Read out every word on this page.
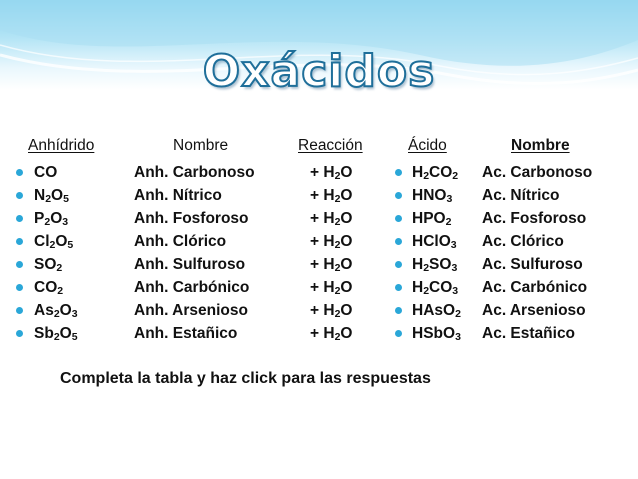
Oxácidos
Anhídrido	Nombre	Reacción	Ácido	Nombre
CO	Anh. Carbonoso	+ $H_2O$	$H_2CO_2$ Ac. Carbonoso
$N_2O_5$	Anh. Nítrico	+ $H_2O$	$HNO_3$ Ac. Nítrico
$P_2O_3$	Anh. Fosforoso	+ $H_2O$	$HPO_2$ Ac. Fosforoso
$Cl_2O_5$	Anh. Clórico	+ $H_2O$	HClO$_3$ Ac. Clórico
$SO_2$	Anh. Sulfuroso	+ $H_2O$	$H_2SO_3$ Ac. Sulfuroso
$CO_2$	Anh. Carbónico	+ $H_2O$	$H_2CO_3$ Ac. Carbónico
$As_2O_3$	Anh. Arsenioso	+ $H_2O$	HAsO$_2$ Ac. Arsenioso
$Sb_2O_5$	Anh. Estañico	+ $H_2O$	HSbO$_3$ Ac. Estañico
Completa la tabla y haz click para las respuestas
